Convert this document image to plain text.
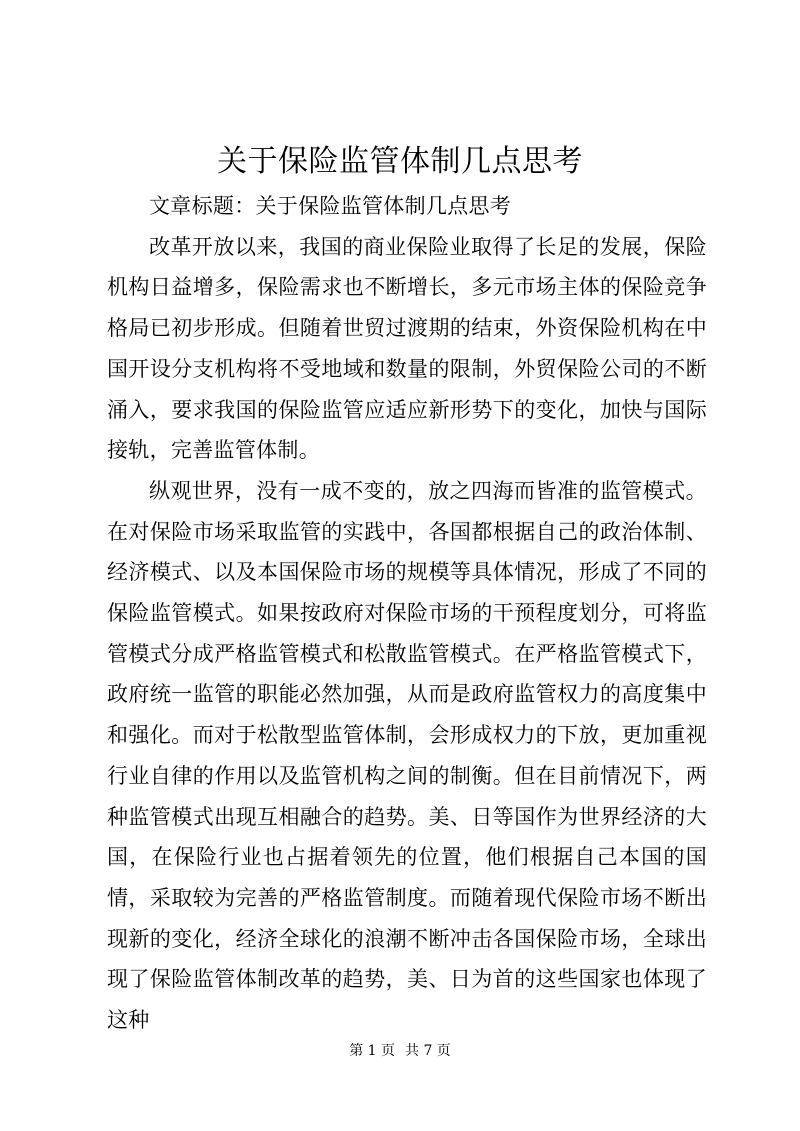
关于保险监管体制几点思考

文章标题：关于保险监管体制几点思考

改革开放以来，我国的商业保险业取得了长足的发展，保险机构日益增多，保险需求也不断增长，多元市场主体的保险竞争格局已初步形成。但随着世贸过渡期的结束，外资保险机构在中国开设分支机构将不受地域和数量的限制，外贸保险公司的不断涌入，要求我国的保险监管应适应新形势下的变化，加快与国际接轨，完善监管体制。

纵观世界，没有一成不变的，放之四海而皆准的监管模式。在对保险市场采取监管的实践中，各国都根据自己的政治体制、经济模式、以及本国保险市场的规模等具体情况，形成了不同的保险监管模式。如果按政府对保险市场的干预程度划分，可将监管模式分成严格监管模式和松散监管模式。在严格监管模式下，政府统一监管的职能必然加强，从而是政府监管权力的高度集中和强化。而对于松散型监管体制，会形成权力的下放，更加重视行业自律的作用以及监管机构之间的制衡。但在目前情况下，两种监管模式出现互相融合的趋势。美、日等国作为世界经济的大国，在保险行业也占据着领先的位置，他们根据自己本国的国情，采取较为完善的严格监管制度。而随着现代保险市场不断出现新的变化，经济全球化的浪潮不断冲击各国保险市场，全球出现了保险监管体制改革的趋势，美、日为首的这些国家也体现了这种

第 1 页 共 7 页
